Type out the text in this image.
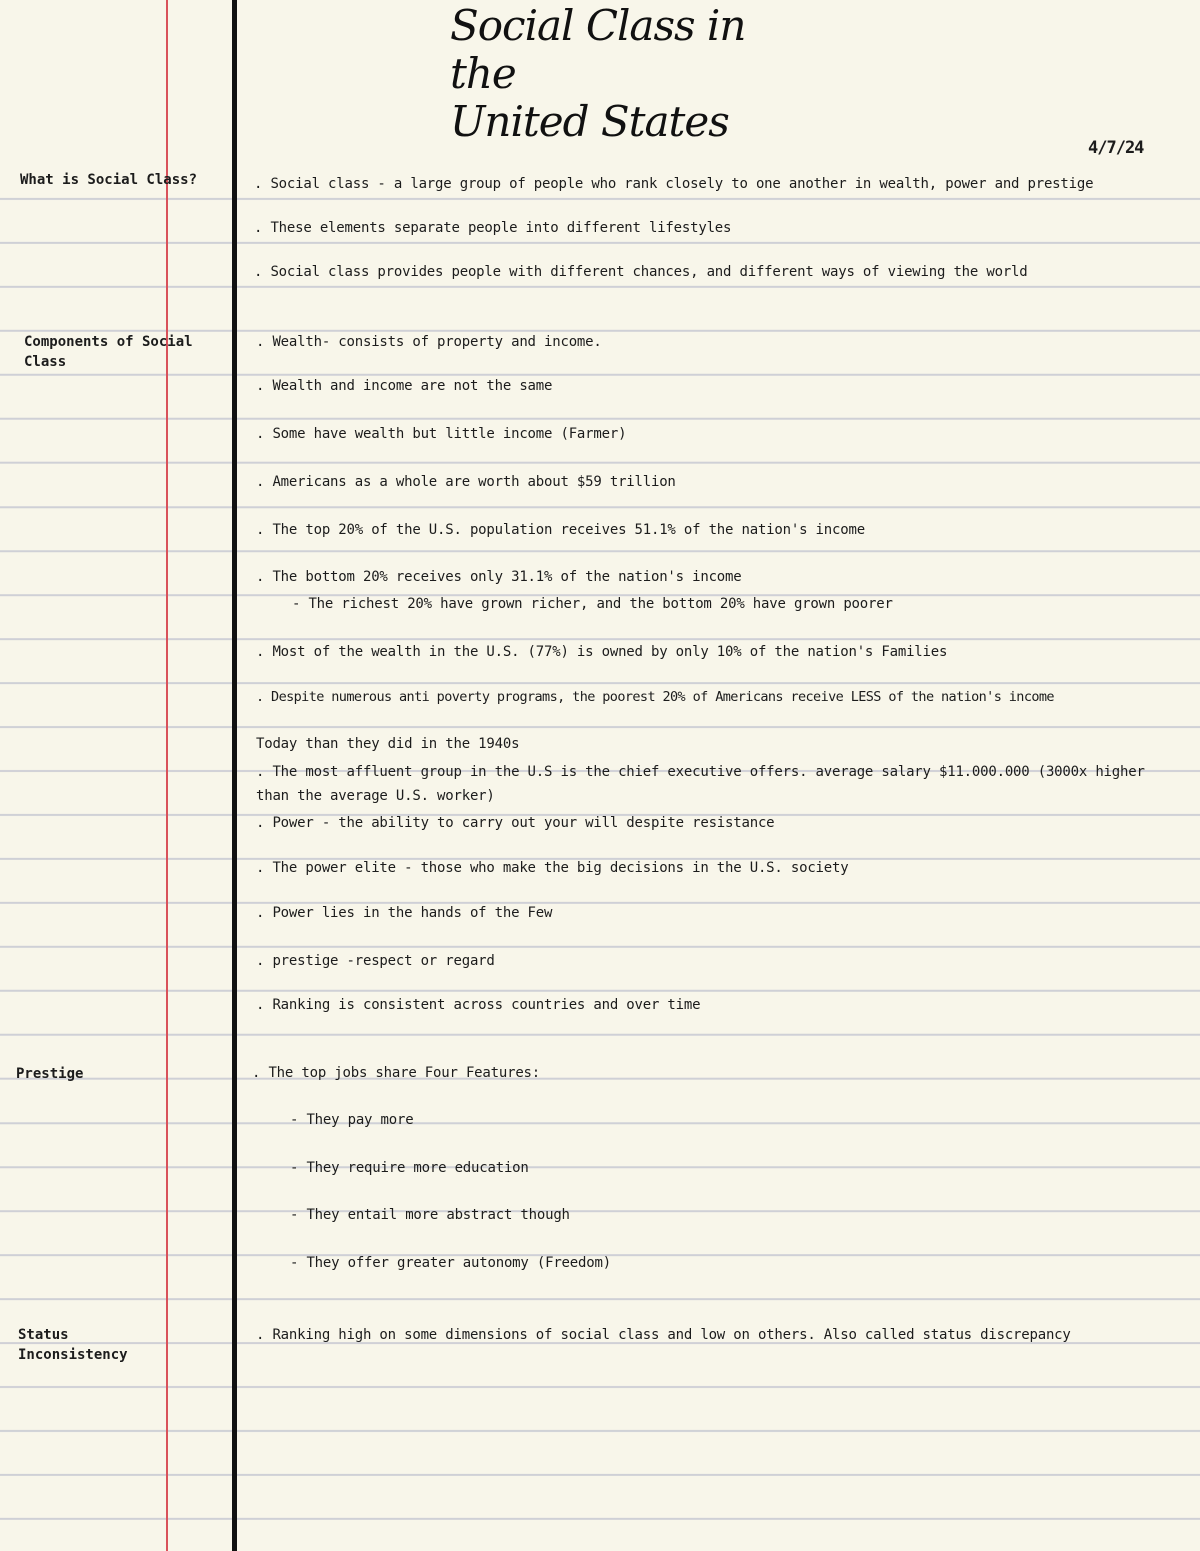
Social Class in the
United States
4/7/24
What is Social Class?
Components of Social
Class
Prestige
Status
Inconsistency
. Social class - a large group of people who rank closely to one another in wealth, power and prestige
. These elements separate people into different lifestyles
. Social class provides people with different chances, and different ways of viewing the world
. Wealth- consists of property and income.
. Wealth and income are not the same
. Some have wealth but little income (Farmer)
. Americans as a whole are worth about $59 trillion
. The top 20% of the U.S. population receives 51.1% of the nation's income
. The bottom 20% receives only 31.1% of the nation's income
- The richest 20% have grown richer, and the bottom 20% have grown poorer
. Most of the wealth in the U.S. (77%) is owned by only 10% of the nation's Families
. Despite numerous anti poverty programs, the poorest 20% of Americans receive LESS of the nation's income
Today than they did in the 1940s
. The most affluent group in the U.S is the chief executive offers. average salary $11.000.000 (3000x higher than the average U.S. worker)
. Power - the ability to carry out your will despite resistance
. The power elite - those who make the big decisions in the U.S. society
. Power lies in the hands of the Few
. prestige -respect or regard
. Ranking is consistent across countries and over time
. The top jobs share Four Features:
- They pay more
- They require more education
- They entail more abstract though
- They offer greater autonomy (Freedom)
. Ranking high on some dimensions of social class and low on others. Also called status discrepancy
